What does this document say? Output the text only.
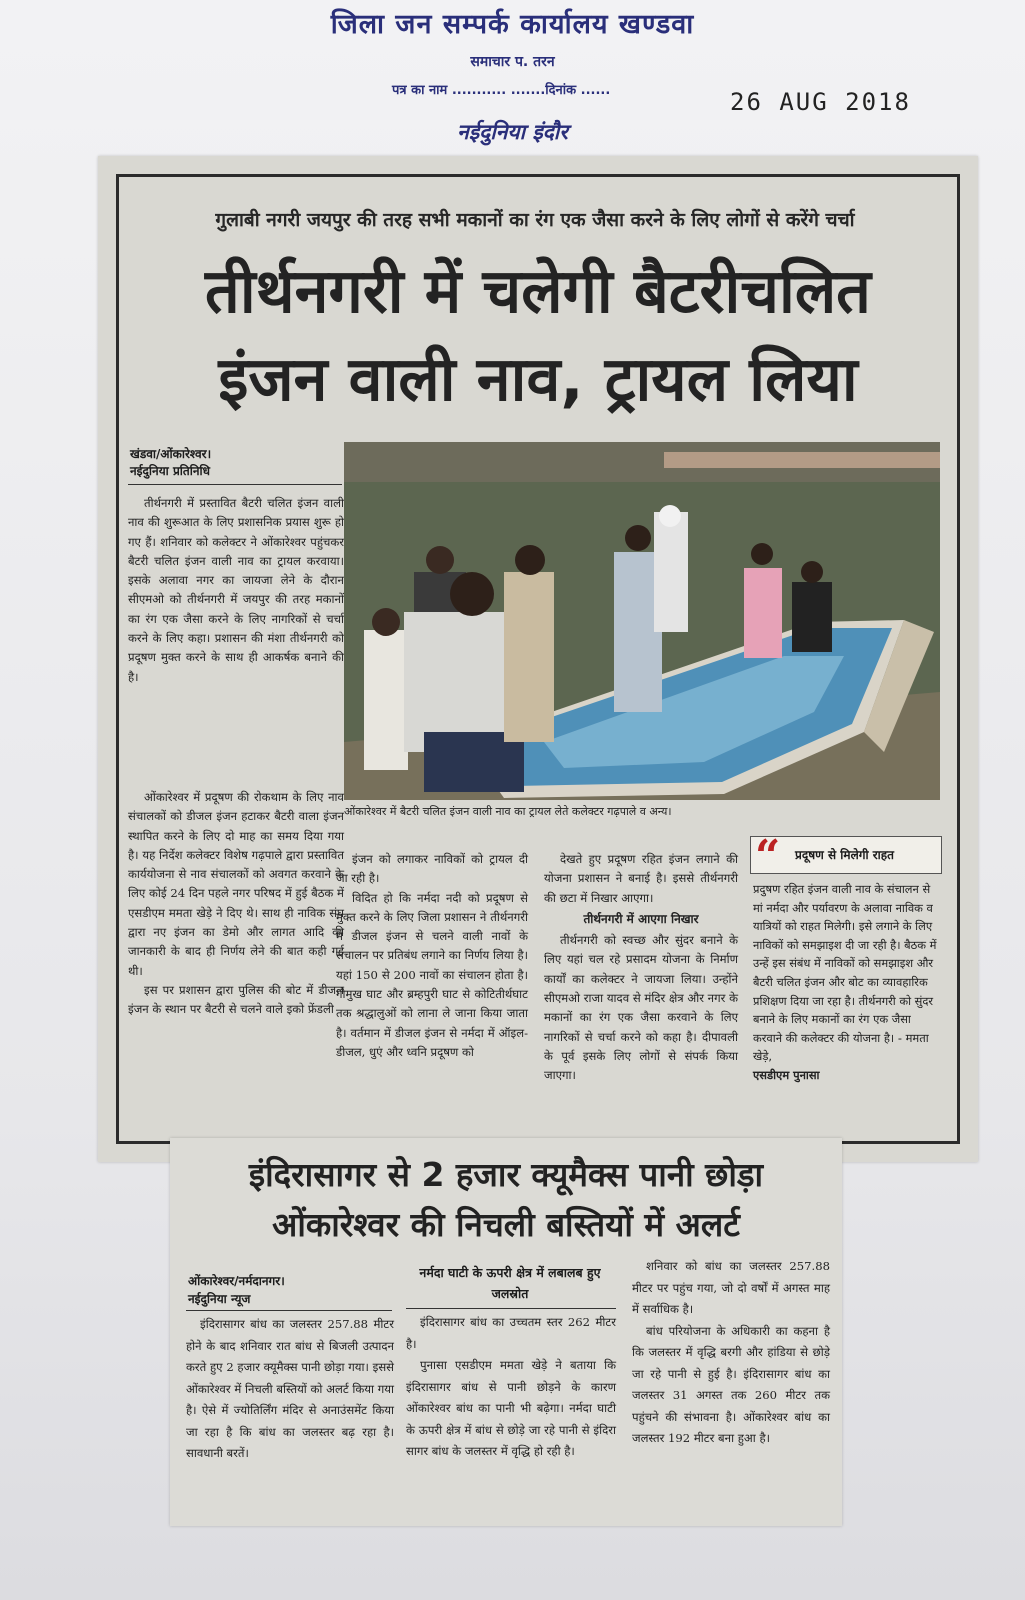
जिला जन सम्पर्क कार्यालय खण्डवा
समाचार प. तरन
पत्र का नाम ........... .......दिनांक ......	26 AUG 2018
नईदुनिया इंदौर
गुलाबी नगरी जयपुर की तरह सभी मकानों का रंग एक जैसा करने के लिए लोगों से करेंगे चर्चा
तीर्थनगरी में चलेगी बैटरीचलित
इंजन वाली नाव, ट्रायल लिया
खंडवा/ओंकारेश्वर।
नईदुनिया प्रतिनिधि

तीर्थनगरी में प्रस्तावित बैटरी चलित इंजन वाली नाव की शुरूआत के लिए प्रशासनिक प्रयास शुरू हो गए हैं। शनिवार को कलेक्टर ने ओंकारेश्वर पहुंचकर बैटरी चलित इंजन वाली नाव का ट्रायल करवाया। इसके अलावा नगर का जायजा लेने के दौरान सीएमओ को तीर्थनगरी में जयपुर की तरह मकानों का रंग एक जैसा करने के लिए नागरिकों से चर्चा करने के लिए कहा। प्रशासन की मंशा तीर्थनगरी को प्रदूषण मुक्त करने के साथ ही आकर्षक बनाने की है।

ओंकारेश्वर में बैटरी चलित इंजन वाली नाव का ट्रायल लेते कलेक्टर गढ़पाले व अन्य।

ओंकारेश्वर में प्रदूषण की रोकथाम के लिए नाव संचालकों को डीजल इंजन हटाकर बैटरी वाला इंजन स्थापित करने के लिए दो माह का समय दिया गया है। यह निर्देश कलेक्टर विशेष गढ़पाले द्वारा प्रस्तावित कार्ययोजना से नाव संचालकों को अवगत करवाने के लिए कोई 24 दिन पहले नगर परिषद में हुई बैठक में एसडीएम ममता खेड़े ने दिए थे। साथ ही नाविक संघ द्वारा नए इंजन का डेमो और लागत आदि की जानकारी के बाद ही निर्णय लेने की बात कही गई थी।

इस पर प्रशासन द्वारा पुलिस की बोट में डीजल इंजन के स्थान पर बैटरी से चलने वाले इको फ्रेंडली

इंजन को लगाकर नाविकों को ट्रायल दी जा रही है।

विदित हो कि नर्मदा नदी को प्रदूषण से मुक्त करने के लिए जिला प्रशासन ने तीर्थनगरी में डीजल इंजन से चलने वाली नावों के संचालन पर प्रतिबंध लगाने का निर्णय लिया है। यहां 150 से 200 नावों का संचालन होता है। गोमुख घाट और ब्रम्हपुरी घाट से कोटितीर्थघाट तक श्रद्धालुओं को लाना ले जाना किया जाता है। वर्तमान में डीजल इंजन से नर्मदा में ऑइल-डीजल, धुएं और ध्वनि प्रदूषण को

देखते हुए प्रदूषण रहित इंजन लगाने की योजना प्रशासन ने बनाई है। इससे तीर्थनगरी की छटा में निखार आएगा।

तीर्थनगरी में आएगा निखार

तीर्थनगरी को स्वच्छ और सुंदर बनाने के लिए यहां चल रहे प्रसादम योजना के निर्माण कार्यों का कलेक्टर ने जायजा लिया। उन्होंने सीएमओ राजा यादव से मंदिर क्षेत्र और नगर के मकानों का रंग एक जैसा करवाने के लिए नागरिकों से चर्चा करने को कहा है। दीपावली के पूर्व इसके लिए लोगों से संपर्क किया जाएगा।

“ प्रदूषण से मिलेगी राहत
प्रदुषण रहित इंजन वाली नाव के संचालन से मां नर्मदा और पर्यावरण के अलावा नाविक व यात्रियों को राहत मिलेगी। इसे लगाने के लिए नाविकों को समझाइश दी जा रही है। बैठक में उन्हें इस संबंध में नाविकों को समझाइश और बैटरी चलित इंजन और बोट का व्यावहारिक प्रशिक्षण दिया जा रहा है। तीर्थनगरी को सुंदर बनाने के लिए मकानों का रंग एक जैसा करवाने की कलेक्टर की योजना है। - ममता खेड़े,
एसडीएम पुनासा
इंदिरासागर से 2 हजार क्यूमैक्स पानी छोड़ा
ओंकारेश्वर की निचली बस्तियों में अलर्ट
ओंकारेश्वर/नर्मदानगर।
नईदुनिया न्यूज
नर्मदा घाटी के ऊपरी क्षेत्र में लबालब हुए जलस्रोत

इंदिरासागर बांध का जलस्तर 257.88 मीटर होने के बाद शनिवार रात बांध से बिजली उत्पादन करते हुए 2 हजार क्यूमैक्स पानी छोड़ा गया। इससे ओंकारेश्वर में निचली बस्तियों को अलर्ट किया गया है। ऐसे में ज्योतिर्लिंग मंदिर से अनाउंसमेंट किया जा रहा है कि बांध का जलस्तर बढ़ रहा है। सावधानी बरतें।

इंदिरासागर बांध का उच्चतम स्तर 262 मीटर है।

पुनासा एसडीएम ममता खेड़े ने बताया कि इंदिरासागर बांध से पानी छोड़ने के कारण ओंकारेश्वर बांध का पानी भी बढ़ेगा। नर्मदा घाटी के ऊपरी क्षेत्र में बांध से छोड़े जा रहे पानी से इंदिरा सागर बांध के जलस्तर में वृद्धि हो रही है।

शनिवार को बांध का जलस्तर 257.88 मीटर पर पहुंच गया, जो दो वर्षों में अगस्त माह में सर्वाधिक है।

बांध परियोजना के अधिकारी का कहना है कि जलस्तर में वृद्धि बरगी और हांडिया से छोड़े जा रहे पानी से हुई है। इंदिरासागर बांध का जलस्तर 31 अगस्त तक 260 मीटर तक पहुंचने की संभावना है। ओंकारेश्वर बांध का जलस्तर 192 मीटर बना हुआ है।
